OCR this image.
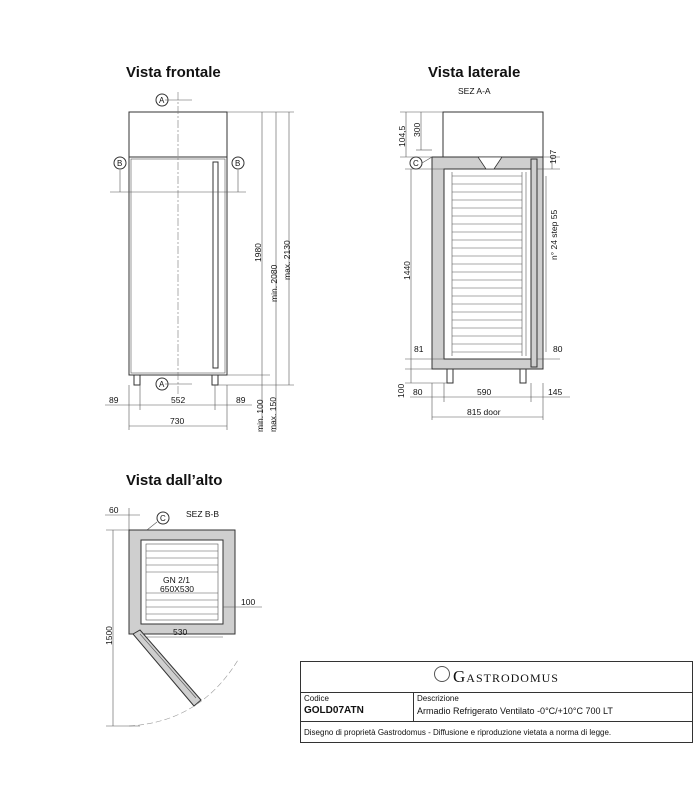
Vista frontale	Vista laterale
Vista dall’alto
A
A
B	B
1980
min. 2080
max. 2130
min. 100 max. 150
89	552	89
730
SEZ A-A
C
104,5 300
1440
81
100
107
n° 24 step 55
80
80	590	145
815 door
SEZ B-B
C
60
GN 2/1
650X530
100
530
1500
Gastrodomus
Codice
GOLD07ATN
Descrizione
Armadio Refrigerato Ventilato -0°C/+10°C 700 LT
Disegno di proprietà Gastrodomus - Diffusione e riproduzione vietata a norma di legge.
